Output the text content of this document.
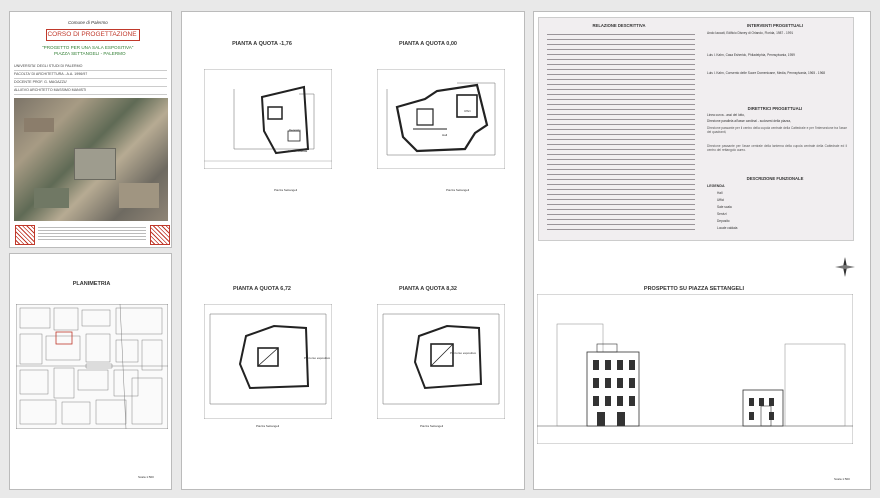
Comune di Palermo
CORSO DI PROGETTAZIONE
"PROGETTO PER UNA SALA ESPOSITIVA"
PIAZZA SETTANGELI - PALERMO
UNIVERSITA' DEGLI STUDI DI PALERMO
FACOLTA' DI ARCHITETTURA - A.A. 1996/97
DOCENTE PROF. G. MAGAZZU'
ALLIEVO ARCHITETTO MASSIMO MANISTI
PLANIMETRIA
Scala 1:500
PIANTA A QUOTA -1,76	PIANTA A QUOTA 0,00
PIANTA A QUOTA 6,72	PIANTA A QUOTA 8,32
Deposito
Locale caldaia
Piazza Settangeli
Uffici
Hall
Piazza Settangeli
Percorso espositivo
Piazza Settangeli
Percorso espositivo
Piazza Settangeli
RELAZIONE DESCRITTIVA	INTERVENTI PROGETTUALI
Ando Iaccati, Edificio Disney di Orlando, Florida, 1987 - 1991
Luis I. Kahn, Casa Esherick, Philadelphia, Pennsylvania, 1959
Luis I. Kahn, Convento delle Suore Domenicane, Media, Pennsylvania, 1965 - 1968
DIRETTRICI PROGETTUALI
Linea curva - assi del lotto,
Direzione parallela all'asse cardinal - sudovest della piazza,
Direzione passante per il centro della cupola centrale della Cattedrale e per l'intersezione tra l'asse dei quadranti,
Direzione passante per l'asse centrale della lanterna della cupola centrale della Cattedrale ed il centro del rettangolo aureo.
DESCRIZIONE FUNZIONALE
LEGENDA
Hall
Uffici
Sale scala
Servizi
Deposito
Locale caldaia
PROSPETTO SU PIAZZA SETTANGELI
Scala 1:500
